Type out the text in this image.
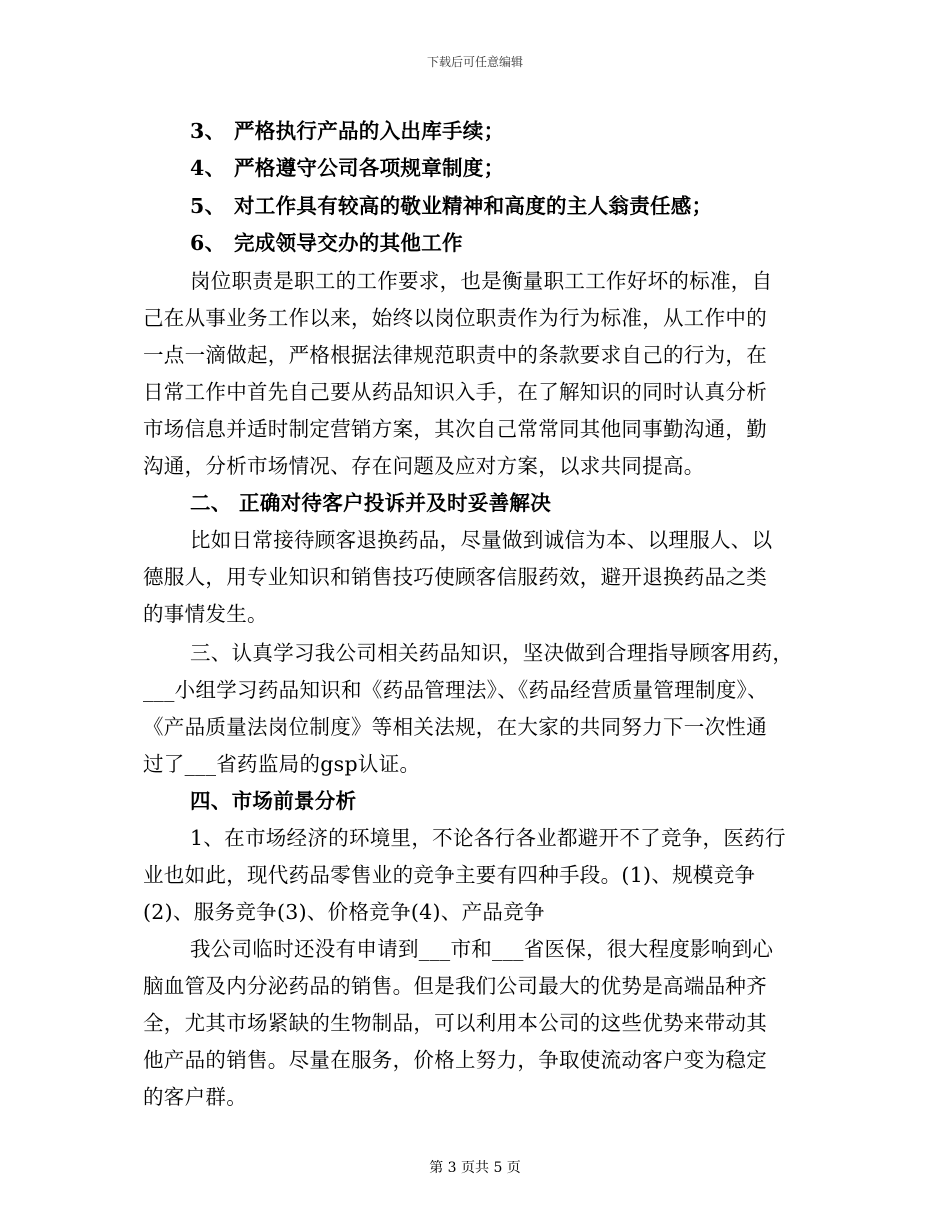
下载后可任意编辑
3、 严格执行产品的入出库手续；
4、 严格遵守公司各项规章制度；
5、 对工作具有较高的敬业精神和高度的主人翁责任感；
6、 完成领导交办的其他工作
岗位职责是职工的工作要求，也是衡量职工工作好坏的标准，自
己在从事业务工作以来，始终以岗位职责作为行为标准，从工作中的
一点一滴做起，严格根据法律规范职责中的条款要求自己的行为，在
日常工作中首先自己要从药品知识入手，在了解知识的同时认真分析
市场信息并适时制定营销方案，其次自己常常同其他同事勤沟通，勤
沟通，分析市场情况、存在问题及应对方案，以求共同提高。
二、 正确对待客户投诉并及时妥善解决
比如日常接待顾客退换药品，尽量做到诚信为本、以理服人、以
德服人，用专业知识和销售技巧使顾客信服药效，避开退换药品之类
的事情发生。
三、认真学习我公司相关药品知识，坚决做到合理指导顾客用药，
___小组学习药品知识和《药品管理法》、《药品经营质量管理制度》、
《产品质量法岗位制度》等相关法规，在大家的共同努力下一次性通
过了___省药监局的gsp认证。
四、市场前景分析
1、在市场经济的环境里，不论各行各业都避开不了竞争，医药行
业也如此，现代药品零售业的竞争主要有四种手段。(1)、规模竞争
(2)、服务竞争(3)、价格竞争(4)、产品竞争
我公司临时还没有申请到___市和___省医保，很大程度影响到心
脑血管及内分泌药品的销售。但是我们公司最大的优势是高端品种齐
全，尤其市场紧缺的生物制品，可以利用本公司的这些优势来带动其
他产品的销售。尽量在服务，价格上努力，争取使流动客户变为稳定
的客户群。
第 3 页共 5 页
